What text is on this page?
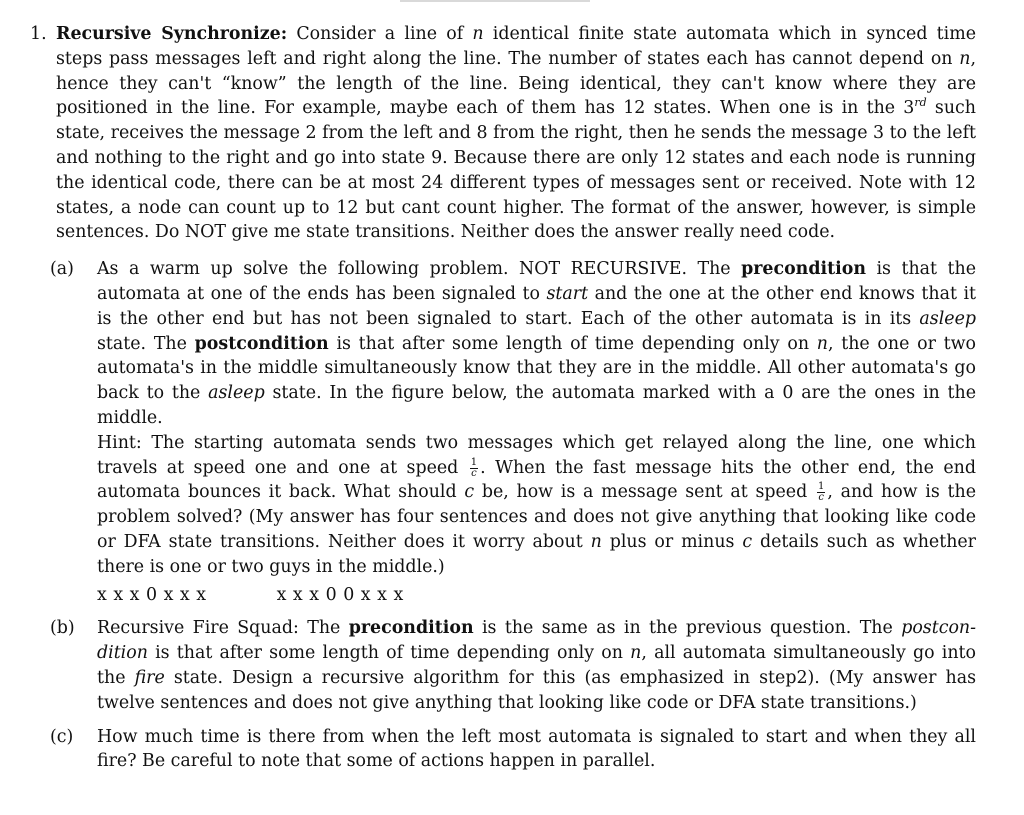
1. Recursive Synchronize: Consider a line of n identical finite state automata which in synced time steps pass messages left and right along the line. The number of states each has cannot depend on n, hence they can't “know” the length of the line. Being identical, they can't know where they are positioned in the line. For example, maybe each of them has 12 states. When one is in the 3rd such state, receives the message 2 from the left and 8 from the right, then he sends the message 3 to the left and nothing to the right and go into state 9. Because there are only 12 states and each node is running the identical code, there can be at most 24 different types of messages sent or received. Note with 12 states, a node can count up to 12 but cant count higher. The format of the answer, however, is simple sentences. Do NOT give me state transitions. Neither does the answer really need code.
(a)	As a warm up solve the following problem. NOT RECURSIVE. The precondition is that the automata at one of the ends has been signaled to start and the one at the other end knows that it is the other end but has not been signaled to start. Each of the other automata is in its asleep state. The postcondition is that after some length of time depending only on n, the one or two automata's in the middle simultaneously know that they are in the middle. All other automata's go back to the asleep state. In the figure below, the automata marked with a 0 are the ones in the middle.
Hint: The starting automata sends two messages which get relayed along the line, one which travels at speed one and one at speed $\frac{1}{c}$ . When the fast message hits the other end, the end automata bounces it back. What should c be, how is a message sent at speed $\frac{1}{c}$ , and how is the problem solved? (My answer has four sentences and does not give anything that looking like code or DFA state transitions. Neither does it worry about n plus or minus c details such as whether there is one or two guys in the middle.)
x x x 0 x x x	x x x 0 0 x x x
(b)	Recursive Fire Squad: The precondition is the same as in the previous question. The postcon- dition is that after some length of time depending only on n, all automata simultaneously go into the fire state. Design a recursive algorithm for this (as emphasized in step2). (My answer has twelve sentences and does not give anything that looking like code or DFA state transitions.)
(c)	How much time is there from when the left most automata is signaled to start and when they all fire? Be careful to note that some of actions happen in parallel.
